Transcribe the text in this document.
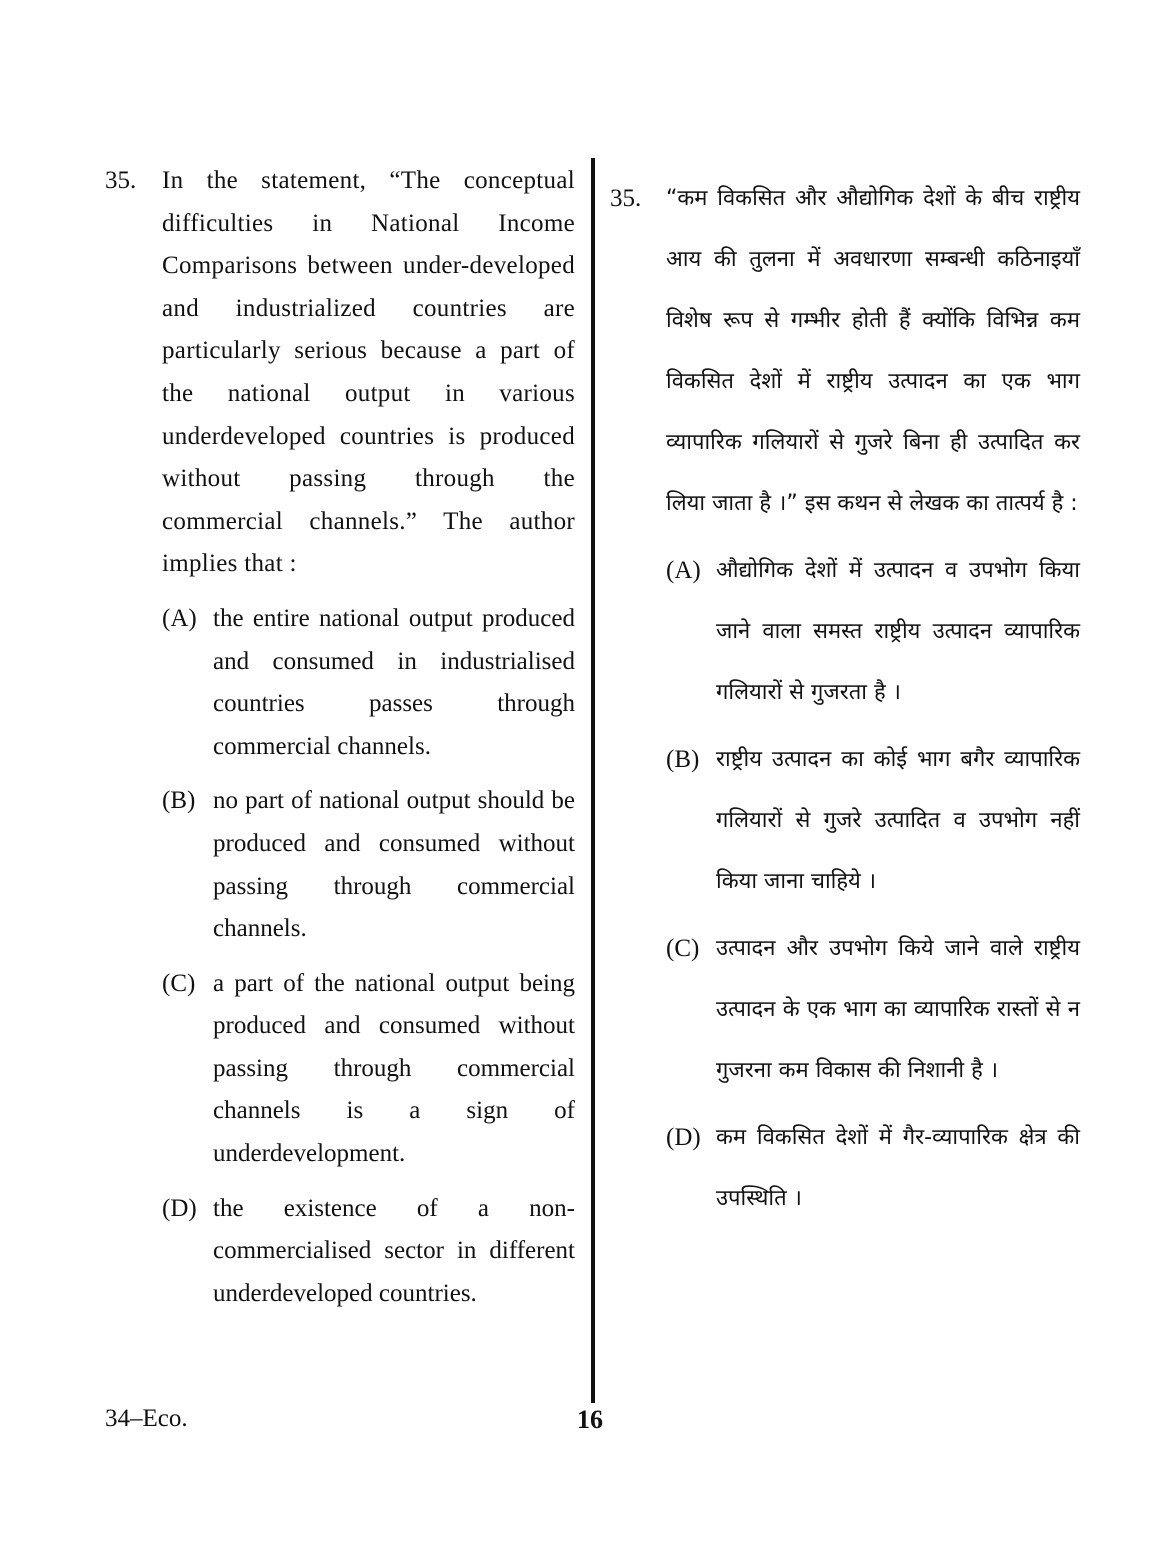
35. In the statement, “The conceptual difficulties in National Income Comparisons between under-developed and industrialized countries are particularly serious because a part of the national output in various underdeveloped countries is produced without passing through the commercial channels.” The author implies that :
(A) the entire national output produced and consumed in industrialised countries passes through commercial channels.
(B) no part of national output should be produced and consumed without passing through commercial channels.
(C) a part of the national output being produced and consumed without passing through commercial channels is a sign of underdevelopment.
(D) the existence of a non-commercialised sector in different underdeveloped countries.
35. “कम विकसित और औद्योगिक देशों के बीच राष्ट्रीय आय की तुलना में अवधारणा सम्बन्धी कठिनाइयाँ विशेष रूप से गम्भीर होती हैं क्योंकि विभिन्न कम विकसित देशों में राष्ट्रीय उत्पादन का एक भाग व्यापारिक गलियारों से गुजरे बिना ही उत्पादित कर लिया जाता है ।” इस कथन से लेखक का तात्पर्य है :
(A) औद्योगिक देशों में उत्पादन व उपभोग किया जाने वाला समस्त राष्ट्रीय उत्पादन व्यापारिक गलियारों से गुजरता है ।
(B) राष्ट्रीय उत्पादन का कोई भाग बगैर व्यापारिक गलियारों से गुजरे उत्पादित व उपभोग नहीं किया जाना चाहिये ।
(C) उत्पादन और उपभोग किये जाने वाले राष्ट्रीय उत्पादन के एक भाग का व्यापारिक रास्तों से न गुजरना कम विकास की निशानी है ।
(D) कम विकसित देशों में गैर-व्यापारिक क्षेत्र की उपस्थिति ।
34–Eco.	16
